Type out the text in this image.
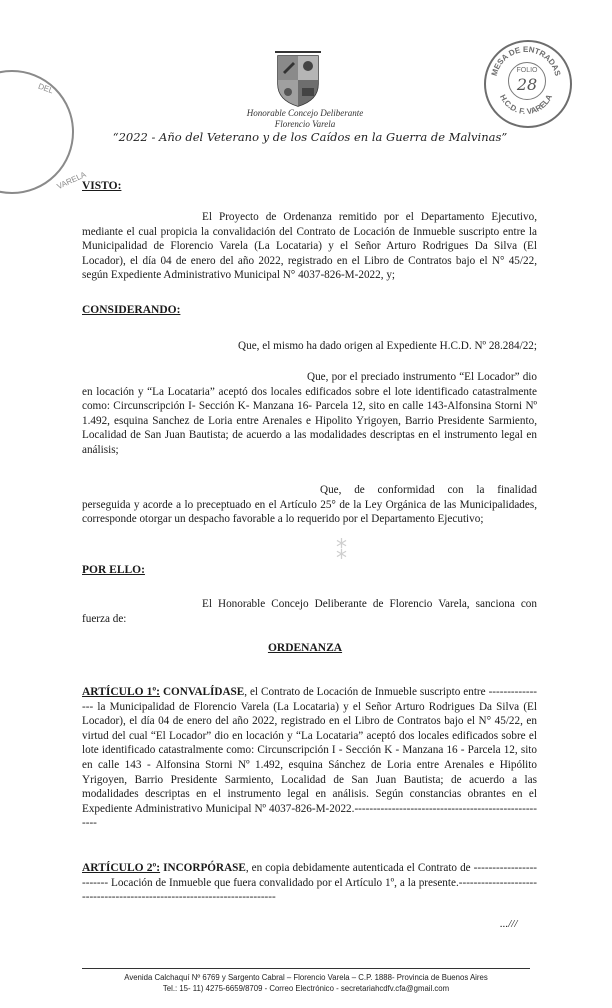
Honorable Concejo Deliberante
Florencio Varela
“2022 - Año del Veterano y de los Caídos en la Guerra de Malvinas”
MESA DE ENTRADAS
H.C.D. F. VARELA
FOLIO
28
DEL
VARELA
VISTO:

El Proyecto de Ordenanza remitido por el Departamento Ejecutivo, mediante el cual propicia la convalidación del Contrato de Locación de Inmueble suscripto entre la Municipalidad de Florencio Varela (La Locataria) y el Señor Arturo Rodrigues Da Silva (El Locador), el día 04 de enero del año 2022, registrado en el Libro de Contratos bajo el N° 45/22, según Expediente Administrativo Municipal N° 4037-826-M-2022, y;

CONSIDERANDO:

Que, el mismo ha dado origen al Expediente H.C.D. Nº 28.284/22;

Que, por el preciado instrumento “El Locador” dio en locación y “La Locataria” aceptó dos locales edificados sobre el lote identificado catastralmente como: Circunscripción I- Sección K- Manzana 16- Parcela 12, sito en calle 143-Alfonsina Storni Nº 1.492, esquina Sanchez de Loria entre Arenales e Hipolito Yrigoyen, Barrio Presidente Sarmiento, Localidad de San Juan Bautista; de acuerdo a las modalidades descriptas en el instrumento legal en análisis;

Que, de conformidad con la finalidad perseguida y acorde a lo preceptuado en el Artículo 25° de la Ley Orgánica de las Municipalidades, corresponde otorgar un despacho favorable a lo requerido por el Departamento Ejecutivo;

⁑
POR ELLO:

El Honorable Concejo Deliberante de Florencio Varela, sanciona con fuerza de:

ORDENANZA

ARTÍCULO 1º: CONVALÍDASE, el Contrato de Locación de Inmueble suscripto entre ---------------- la Municipalidad de Florencio Varela (La Locataria) y el Señor Arturo Rodrigues Da Silva (El Locador), el día 04 de enero del año 2022, registrado en el Libro de Contratos bajo el N° 45/22, en virtud del cual “El Locador” dio en locación y “La Locataria” aceptó dos locales edificados sobre el lote identificado catastralmente como: Circunscripción I - Sección K - Manzana 16 - Parcela 12, sito en calle 143 - Alfonsina Storni Nº 1.492, esquina Sánchez de Loria entre Arenales e Hipólito Yrigoyen, Barrio Presidente Sarmiento, Localidad de San Juan Bautista; de acuerdo a las modalidades descriptas en el instrumento legal en análisis. Según constancias obrantes en el Expediente Administrativo Municipal Nº 4037-826-M-2022.-----------------------------------------------------

ARTÍCULO 2º: INCORPÓRASE, en copia debidamente autenticada el Contrato de ------------------------ Locación de Inmueble que fuera convalidado por el Artículo 1º, a la presente.-------------------------------------------------------------------------

...///
Avenida Calchaquí Nº 6769 y Sargento Cabral – Florencio Varela – C.P. 1888- Provincia de Buenos Aires
Tel.: 15- 11) 4275-6659/8709 - Correo Electrónico - secretariahcdfv.cfa@gmail.com
